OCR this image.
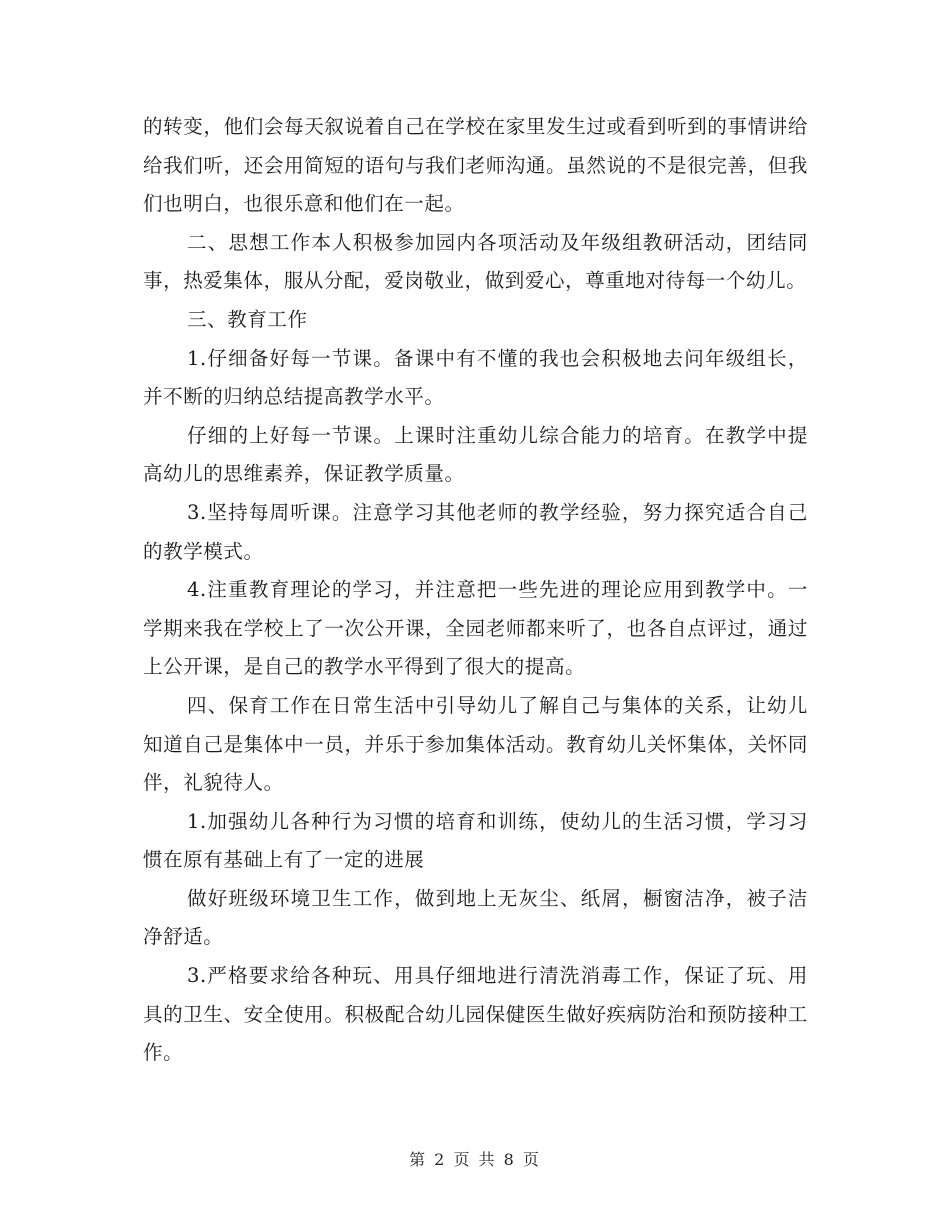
的转变，他们会每天叙说着自己在学校在家里发生过或看到听到的事情讲给给我们听，还会用简短的语句与我们老师沟通。虽然说的不是很完善，但我们也明白，也很乐意和他们在一起。

二、思想工作本人积极参加园内各项活动及年级组教研活动，团结同事，热爱集体，服从分配，爱岗敬业，做到爱心，尊重地对待每一个幼儿。

三、教育工作

1.仔细备好每一节课。备课中有不懂的我也会积极地去问年级组长，并不断的归纳总结提高教学水平。

仔细的上好每一节课。上课时注重幼儿综合能力的培育。在教学中提高幼儿的思维素养，保证教学质量。

3.坚持每周听课。注意学习其他老师的教学经验，努力探究适合自己的教学模式。

4.注重教育理论的学习，并注意把一些先进的理论应用到教学中。一学期来我在学校上了一次公开课，全园老师都来听了，也各自点评过，通过上公开课，是自己的教学水平得到了很大的提高。

四、保育工作在日常生活中引导幼儿了解自己与集体的关系，让幼儿知道自己是集体中一员，并乐于参加集体活动。教育幼儿关怀集体，关怀同伴，礼貌待人。

1.加强幼儿各种行为习惯的培育和训练，使幼儿的生活习惯，学习习惯在原有基础上有了一定的进展

做好班级环境卫生工作，做到地上无灰尘、纸屑，橱窗洁净，被子洁净舒适。

3.严格要求给各种玩、用具仔细地进行清洗消毒工作，保证了玩、用具的卫生、安全使用。积极配合幼儿园保健医生做好疾病防治和预防接种工作。

第 2 页 共 8 页
